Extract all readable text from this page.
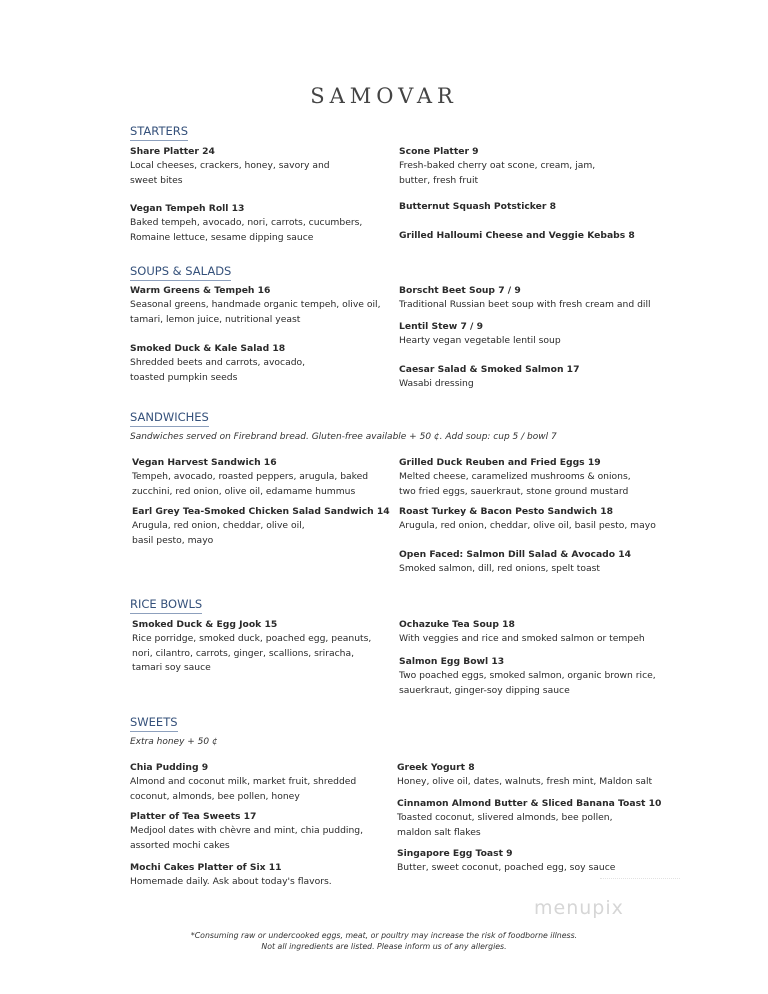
SAMOVAR
STARTERS
Share Platter 24
Local cheeses, crackers, honey, savory and
sweet bites
Vegan Tempeh Roll 13
Baked tempeh, avocado, nori, carrots, cucumbers,
Romaine lettuce, sesame dipping sauce
Scone Platter 9
Fresh-baked cherry oat scone, cream, jam,
butter, fresh fruit
Butternut Squash Potsticker 8
Grilled Halloumi Cheese and Veggie Kebabs 8
SOUPS & SALADS
Warm Greens & Tempeh 16
Seasonal greens, handmade organic tempeh, olive oil,
tamari, lemon juice, nutritional yeast
Smoked Duck & Kale Salad 18
Shredded beets and carrots, avocado,
toasted pumpkin seeds
Borscht Beet Soup 7 / 9
Traditional Russian beet soup with fresh cream and dill
Lentil Stew 7 / 9
Hearty vegan vegetable lentil soup
Caesar Salad & Smoked Salmon 17
Wasabi dressing
SANDWICHES
Sandwiches served on Firebrand bread. Gluten-free available + 50 ¢. Add soup: cup 5 / bowl 7
Vegan Harvest Sandwich 16
Tempeh, avocado, roasted peppers, arugula, baked
zucchini, red onion, olive oil, edamame hummus
Earl Grey Tea-Smoked Chicken Salad Sandwich 14
Arugula, red onion, cheddar, olive oil,
basil pesto, mayo
Grilled Duck Reuben and Fried Eggs 19
Melted cheese, caramelized mushrooms & onions,
two fried eggs, sauerkraut, stone ground mustard
Roast Turkey & Bacon Pesto Sandwich 18
Arugula, red onion, cheddar, olive oil, basil pesto, mayo
Open Faced: Salmon Dill Salad & Avocado 14
Smoked salmon, dill, red onions, spelt toast
RICE BOWLS
Smoked Duck & Egg Jook 15
Rice porridge, smoked duck, poached egg, peanuts,
nori, cilantro, carrots, ginger, scallions, sriracha,
tamari soy sauce
Ochazuke Tea Soup 18
With veggies and rice and smoked salmon or tempeh
Salmon Egg Bowl 13
Two poached eggs, smoked salmon, organic brown rice,
sauerkraut, ginger-soy dipping sauce
SWEETS
Extra honey + 50 ¢
Chia Pudding 9
Almond and coconut milk, market fruit, shredded
coconut, almonds, bee pollen, honey
Platter of Tea Sweets 17
Medjool dates with chèvre and mint, chia pudding,
assorted mochi cakes
Mochi Cakes Platter of Six 11
Homemade daily. Ask about today's flavors.
Greek Yogurt 8
Honey, olive oil, dates, walnuts, fresh mint, Maldon salt
Cinnamon Almond Butter & Sliced Banana Toast 10
Toasted coconut, slivered almonds, bee pollen,
maldon salt flakes
Singapore Egg Toast 9
Butter, sweet coconut, poached egg, soy sauce
menupix
*Consuming raw or undercooked eggs, meat, or poultry may increase the risk of foodborne illness.
Not all ingredients are listed. Please inform us of any allergies.
